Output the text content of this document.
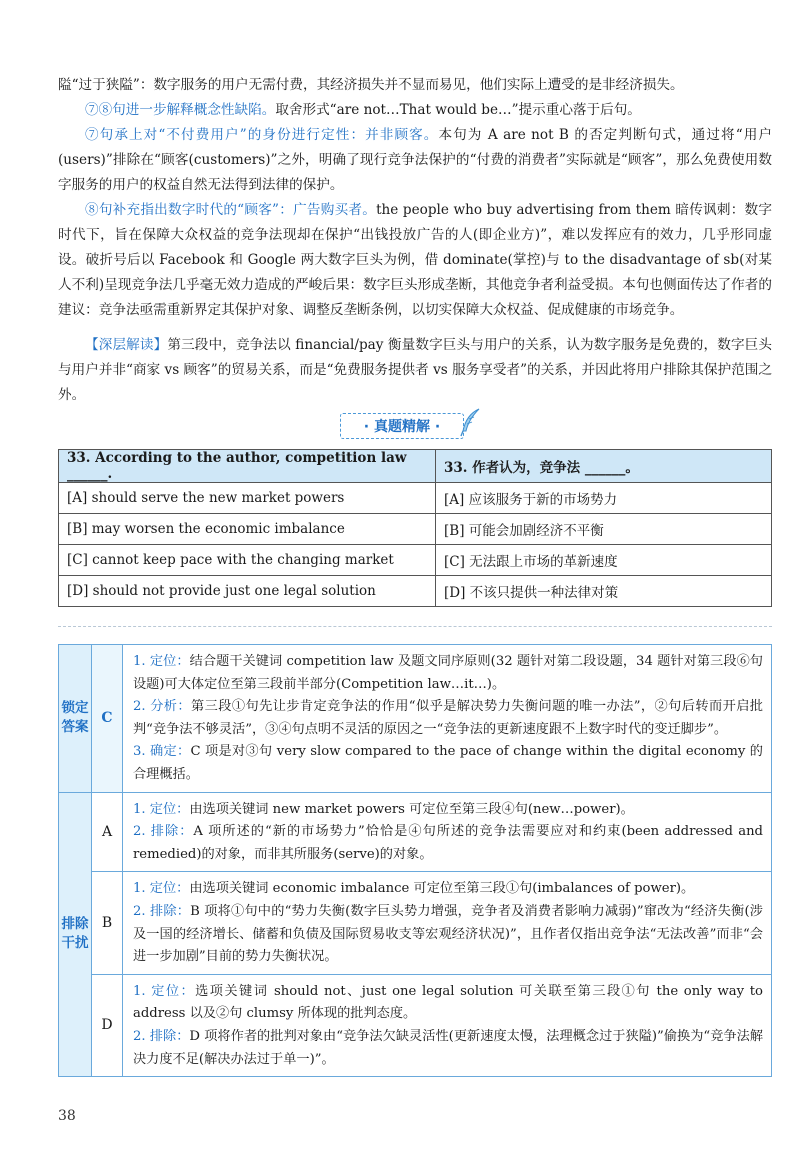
隘“过于狭隘”：数字服务的用户无需付费，其经济损失并不显而易见，他们实际上遭受的是非经济损失。

⑦⑧句进一步解释概念性缺陷。取舍形式“are not…That would be…”提示重心落于后句。

⑦句承上对“不付费用户”的身份进行定性：并非顾客。本句为 A are not B 的否定判断句式，通过将“用户(users)”排除在“顾客(customers)”之外，明确了现行竞争法保护的“付费的消费者”实际就是“顾客”，那么免费使用数字服务的用户的权益自然无法得到法律的保护。

⑧句补充指出数字时代的“顾客”：广告购买者。the people who buy advertising from them 暗传讽刺：数字时代下，旨在保障大众权益的竞争法现却在保护“出钱投放广告的人(即企业方)”，难以发挥应有的效力，几乎形同虚设。破折号后以 Facebook 和 Google 两大数字巨头为例，借 dominate(掌控)与 to the disadvantage of sb(对某人不利)呈现竞争法几乎毫无效力造成的严峻后果：数字巨头形成垄断，其他竞争者利益受损。本句也侧面传达了作者的建议：竞争法亟需重新界定其保护对象、调整反垄断条例，以切实保障大众权益、促成健康的市场竞争。

【深层解读】第三段中，竞争法以 financial/pay 衡量数字巨头与用户的关系，认为数字服务是免费的，数字巨头与用户并非“商家 vs 顾客”的贸易关系，而是“免费服务提供者 vs 服务享受者”的关系，并因此将用户排除其保护范围之外。

· 真题精解 ·
33. According to the author, competition law ______.	33. 作者认为，竞争法 ______。
[A] should serve the new market powers	[A] 应该服务于新的市场势力
[B] may worsen the economic imbalance	[B] 可能会加剧经济不平衡
[C] cannot keep pace with the changing market	[C] 无法跟上市场的革新速度
[D] should not provide just one legal solution	[D] 不该只提供一种法律对策
锁定答案	C	1. 定位：结合题干关键词 competition law 及题文同序原则(32 题针对第二段设题，34 题针对第三段⑥句设题)可大体定位至第三段前半部分(Competition law…it…)。

2. 分析：第三段①句先让步肯定竞争法的作用“似乎是解决势力失衡问题的唯一办法”，②句后转而开启批判“竞争法不够灵活”，③④句点明不灵活的原因之一“竞争法的更新速度跟不上数字时代的变迁脚步”。

3. 确定：C 项是对③句 very slow compared to the pace of change within the digital economy 的合理概括。

排除干扰	A	1. 定位：由选项关键词 new market powers 可定位至第三段④句(new…power)。

2. 排除：A 项所述的“新的市场势力”恰恰是④句所述的竞争法需要应对和约束(been addressed and remedied)的对象，而非其所服务(serve)的对象。

	B	1. 定位：由选项关键词 economic imbalance 可定位至第三段①句(imbalances of power)。

2. 排除：B 项将①句中的“势力失衡(数字巨头势力增强，竞争者及消费者影响力减弱)”窜改为“经济失衡(涉及一国的经济增长、储蓄和负债及国际贸易收支等宏观经济状况)”，且作者仅指出竞争法“无法改善”而非“会进一步加剧”目前的势力失衡状况。

	D	1. 定位：选项关键词 should not、just one legal solution 可关联至第三段①句 the only way to address 以及②句 clumsy 所体现的批判态度。

2. 排除：D 项将作者的批判对象由“竞争法欠缺灵活性(更新速度太慢，法理概念过于狭隘)”偷换为“竞争法解决力度不足(解决办法过于单一)”。

38
